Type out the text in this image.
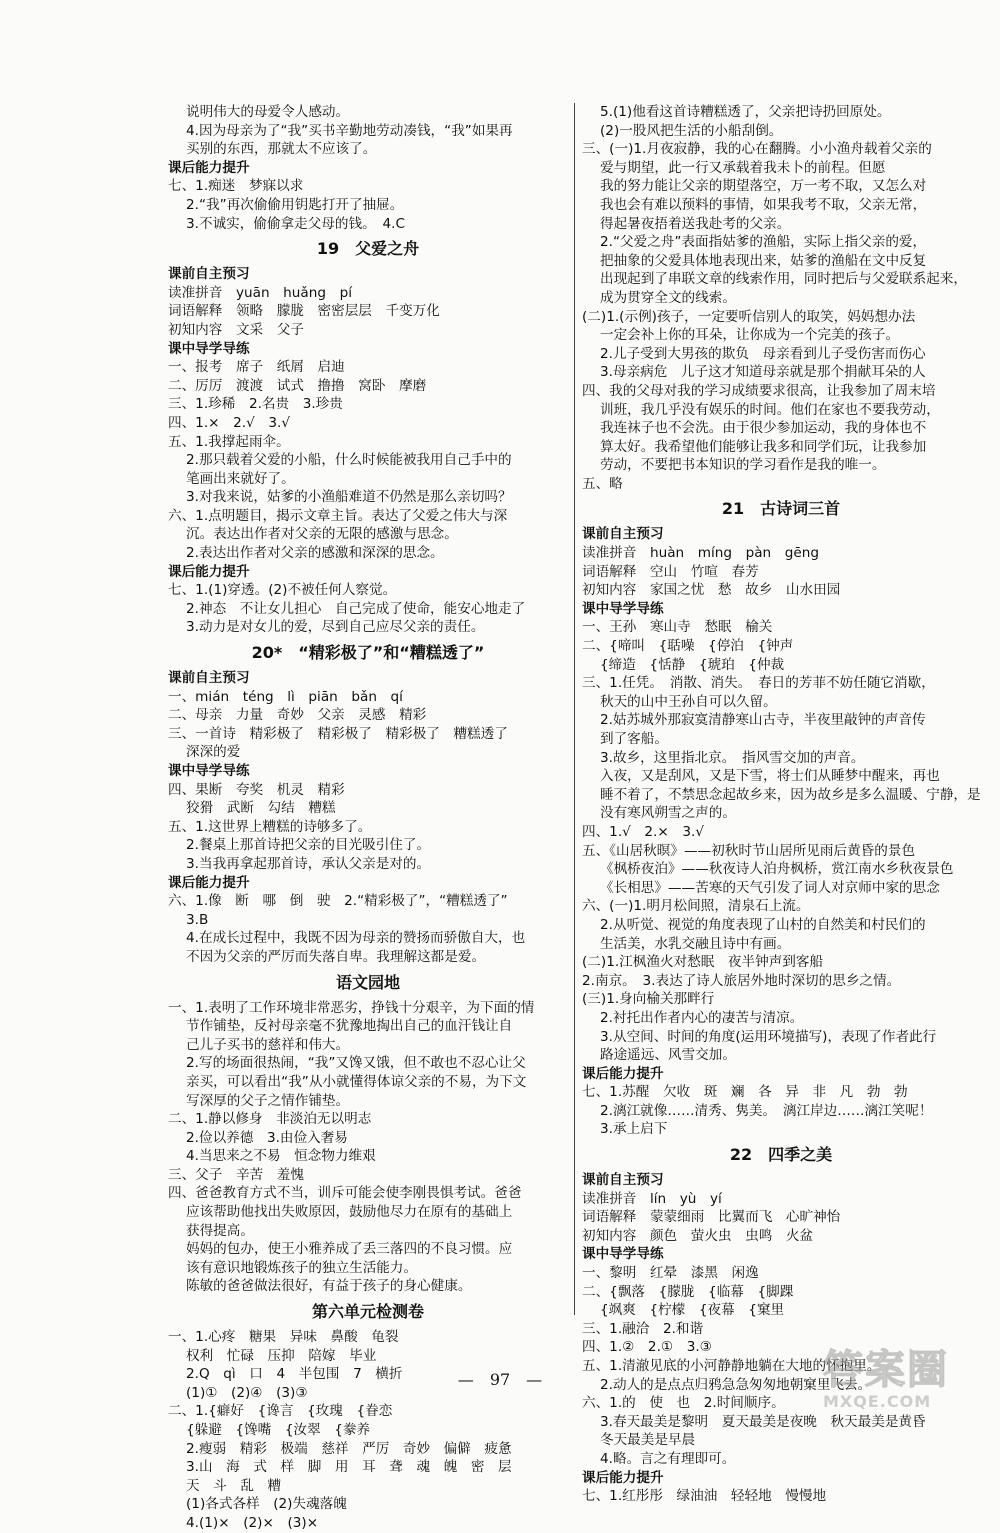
说明伟大的母爱令人感动。
4.因为母亲为了“我”买书辛勤地劳动凑钱，“我”如果再
买别的东西，那就太不应该了。
课后能力提升
七、1.痴迷　梦寐以求
2.“我”再次偷偷用钥匙打开了抽屉。
3.不诚实，偷偷拿走父母的钱。　4.C
19　父爱之舟
课前自主预习
读准拼音　yuān　huǎng　pí
词语解释　领略　朦胧　密密层层　千变万化
初知内容　文采　父子
课中导学导练
一、报考　席子　纸屑　启迪
二、厉厉　渡渡　试式　撸撸　窝卧　摩磨
三、1.珍稀　2.名贵　3.珍贵
四、1.×　2.√　3.√
五、1.我撑起雨伞。
2.那只载着父爱的小船，什么时候能被我用自己手中的
笔画出来就好了。
3.对我来说，姑爹的小渔船难道不仍然是那么亲切吗？
六、1.点明题目，揭示文章主旨。表达了父爱之伟大与深
沉。表达出作者对父亲的无限的感激与思念。
2.表达出作者对父亲的感激和深深的思念。
课后能力提升
七、1.(1)穿透。(2)不被任何人察觉。
2.神态　不让女儿担心　自己完成了使命，能安心地走了
3.动力是对女儿的爱，尽到自己应尽父亲的责任。
20*　“精彩极了”和“糟糕透了”
课前自主预习
一、mián　téng　lì　piān　bǎn　qí
二、母亲　力量　奇妙　父亲　灵感　精彩
三、一首诗　精彩极了　精彩极了　精彩极了　糟糕透了
深深的爱
课中导学导练
四、果断　夸奖　机灵　精彩
狡猾　武断　勾结　糟糕
五、1.这世界上糟糕的诗够多了。
2.餐桌上那首诗把父亲的目光吸引住了。
3.当我再拿起那首诗，承认父亲是对的。
课后能力提升
六、1.像　断　哪　倒　驶　2.“精彩极了”，“糟糕透了”
3.B
4.在成长过程中，我既不因为母亲的赞扬而骄傲自大，也
不因为父亲的严厉而失落自卑。我理解这都是爱。
语文园地
一、1.表明了工作环境非常恶劣，挣钱十分艰辛，为下面的情
节作铺垫，反衬母亲毫不犹豫地掏出自己的血汗钱让自
己儿子买书的慈祥和伟大。
2.写的场面很热闹，“我”又馋又饿，但不敢也不忍心让父
亲买，可以看出“我”从小就懂得体谅父亲的不易，为下文
写深厚的父子之情作铺垫。
二、1.静以修身　非淡泊无以明志
2.俭以养德　3.由俭入奢易
4.当思来之不易　恒念物力维艰
三、父子　辛苦　羞愧
四、爸爸教育方式不当，训斥可能会使李刚畏惧考试。爸爸
应该帮助他找出失败原因，鼓励他尽力在原有的基础上
获得提高。
妈妈的包办，使王小雅养成了丢三落四的不良习惯。应
该有意识地锻炼孩子的独立生活能力。
陈敏的爸爸做法很好，有益于孩子的身心健康。
第六单元检测卷
一、1.心疼　糖果　异味　鼻酸　龟裂
权利　忙碌　压抑　陪嫁　毕业
2.Q　qì　口　4　半包围　7　横折
(1)①　(2)④　(3)③
二、1.{癖好　{谗言　{玫瑰　{眷恋
{躲避　{馋嘴　{汝翠　{豢养
2.瘦弱　精彩　极端　慈祥　严厉　奇妙　偏僻　疲惫
3.山　海　式　样　脚　用　耳　聋　魂　魄　密　层
天　斗　乱　糟
(1)各式各样　(2)失魂落魄
4.(1)×　(2)×　(3)×
5.(1)他看这首诗糟糕透了，父亲把诗扔回原处。
(2)一股风把生活的小船刮倒。
三、(一)1.月夜寂静，我的心在翻腾。小小渔舟载着父亲的
爱与期望，此一行又承载着我未卜的前程。但愿
我的努力能让父亲的期望落空，万一考不取，又怎么对
我也会有难以预料的事情，如果我考不取，父亲无常，
得起暑夜捂着送我赴考的父亲。
2.“父爱之舟”表面指姑爹的渔船，实际上指父亲的爱，
把抽象的父爱具体地表现出来，姑爹的渔船在文中反复
出现起到了串联文章的线索作用，同时把后与父爱联系起来，
成为贯穿全文的线索。
(二)1.(示例)孩子，一定要听信别人的取笑，妈妈想办法
一定会补上你的耳朵，让你成为一个完美的孩子。
2.儿子受到大男孩的欺负　母亲看到儿子受伤害而伤心
3.母亲病危　儿子这才知道母亲就是那个捐献耳朵的人
四、我的父母对我的学习成绩要求很高，让我参加了周末培
训班，我几乎没有娱乐的时间。他们在家也不要我劳动，
我连袜子也不会洗。由于很少参加运动，我的身体也不
算太好。我希望他们能够让我多和同学们玩，让我参加
劳动，不要把书本知识的学习看作是我的唯一。
五、略
21　古诗词三首
课前自主预习
读准拼音　huàn　míng　pàn　gēng
词语解释　空山　竹喧　春芳
初知内容　家国之忧　愁　故乡　山水田园
课中导学导练
一、王孙　寒山寺　愁眠　榆关
二、{啼叫　{聒噪　{停泊　{钟声
{缔造　{恬静　{琥珀　{仲裁
三、1.任凭。　消散、消失。　春日的芳菲不妨任随它消歇，
秋天的山中王孙自可以久留。
2.姑苏城外那寂寞清静寒山古寺，半夜里敲钟的声音传
到了客船。
3.故乡，这里指北京。　指风雪交加的声音。
入夜，又是刮风，又是下雪，将士们从睡梦中醒来，再也
睡不着了，不禁思念起故乡来，因为故乡是多么温暖、宁静，是
没有寒风朔雪之声的。
四、1.√　2.×　3.√
五、《山居秋暝》——初秋时节山居所见雨后黄昏的景色
《枫桥夜泊》——秋夜诗人泊舟枫桥，赏江南水乡秋夜景色
《长相思》——苦寒的天气引发了词人对京师中家的思念
六、(一)1.明月松间照，清泉石上流。
2.从听觉、视觉的角度表现了山村的自然美和村民们的
生活美，水乳交融且诗中有画。
(二)1.江枫渔火对愁眠　夜半钟声到客船
2.南京。　3.表达了诗人旅居外地时深切的思乡之情。
(三)1.身向榆关那畔行
2.衬托出作者内心的凄苦与清凉。
3.从空间、时间的角度(运用环境描写)，表现了作者此行
路途遥远、风雪交加。
课后能力提升
七、1.苏醒　欠收　斑　斓　各　异　非　凡　勃　勃
2.漓江就像……清秀、隽美。　漓江岸边……漓江笑呢！
3.承上启下
22　四季之美
课前自主预习
读准拼音　lín　yù　yí
词语解释　蒙蒙细雨　比翼而飞　心旷神怡
初知内容　颜色　萤火虫　虫鸣　火盆
课中导学导练
一、黎明　红晕　漆黑　闲逸
二、{飘落　{朦胧　{临幕　{脚踝
{飒爽　{柠檬　{夜幕　{窠里
三、1.融洽　2.和谐
四、1.②　2.①　3.③
五、1.清澈见底的小河静静地躺在大地的怀抱里。
2.动人的是点点归鸦急急匆匆地朝窠里飞去。
六、1.的　使　也　2.时间顺序。
3.春天最美是黎明　夏天最美是夜晚　秋天最美是黄昏
冬天最美是早晨
4.略。言之有理即可。
课后能力提升
七、1.红彤彤　绿油油　轻轻地　慢慢地
—　97　—	答案圈
MXQE.COM
